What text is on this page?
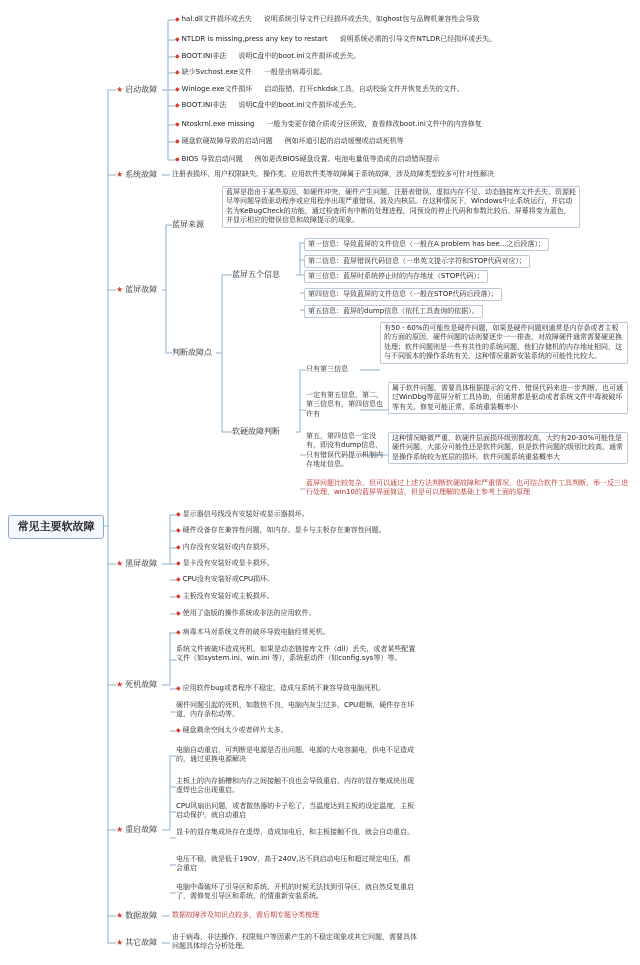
常见主要软故障
★ 启动故障
★ 系统故障
★ 蓝屏故障
★ 黑屏故障
★ 死机故障
★ 重启故障
★ 数据故障
★ 其它故障
◆ hal.dll文件损坏或丢失 说明系统引导文件已经损坏或丢失，如ghost包与品牌机兼容性会导致
◆ NTLDR is missing,press any key to restart 说明系统必需的引导文件NTLDR已经损坏或丢失。
◆ BOOT.INI非法 说明C盘中的boot.ini文件损坏或丢失。
◆ 缺少Svchost.exe文件 一般是由病毒引起。
◆ Winloge.exe文件损坏 启动报错，打开chkdsk工具，自动校验文件并恢复丢失的文件。
◆ BOOT.INI非法 说明C盘中的boot.ini文件损坏或丢失。
◆ Ntoskrnl.exe missing 一般为变更存储介质或分区所致，查看修改boot.ini文件中的内容修复
◆ 硬盘软硬故障导致的启动问题 例如坏道引起的启动缓慢或启动死机等
◆ BIOS 导致启动问题 例如更改BIOS硬盘设置、电池电量低等造成的启动错误提示
注册表损坏、用户权限缺失、操作类、应用软件类等故障属于系统故障，涉及故障类型较多可针对性解决
蓝屏来源
蓝屏是指由于某些原因，如硬件冲突、硬件产生问题、注册表错误、虚拟内存不足、动态链接库文件丢失、资源耗尽等问题导致驱动程序或应用程序出现严重错误，波及内核层。在这种情况下，Windows中止系统运行，并启动名为KeBugCheck的功能，通过检查所有中断的处理进程，同预设的停止代码和参数比较后，屏幕将变为蓝色，并显示相应的错误信息和故障提示的现象。
判断故障点
蓝屏五个信息
第一信息：导致蓝屏的文件信息（一般在A problem has bee...之后段落）；
第二信息：蓝屏错误代码信息（一串英文提示字符和STOP代码对应）；
第三信息：蓝屏时系统停止时的内存地址（STOP代码）；
第四信息：导致蓝屏的文件信息（一般在STOP代码后段落）；
第五信息：蓝屏的dump信息（依托工具查询的依据）。
软硬故障判断
只有第三信息
有50 - 60%的可能性是硬件问题，如果是硬件问题则通常是内存条或者主板的方面的原因，硬件问题的话则要逐步一一排查，对故障硬件通常需要硬更换处理；软件问题则是一些有共性的系统问题，他们存储机的内存地址相同，这与不同版本的操作系统有关，这种情况重新安装系统的可能性比较大。
一定有第五信息，第二，第三信息有，第四信息也许有
属于软件问题，需要具体根据提示的文件、错误代码来进一步判断，也可通过WinDbg等蓝屏分析工具协助，但通常都是驱动或者系统文件中毒被破坏等有关。修复可能正常，系统重装概率小
第五，第四信息一定没有，即没有dump信息，只有错误代码提示机制内存地址信息。
这种情况略微严重，软硬件层面损坏级别都较高，大约有20-30%可能性是硬件问题，大部分可能性还是软件问题，但是软件问题的级别比较高，通常是操作系统较为底层的损坏。软件问题系统重装概率大
蓝屏问题比较复杂，但可以通过上述方法判断软硬故障和严重情况，也可结合软件工具判断，举一反三进行处理，win10的蓝屏界面简洁，但是可以理解的基础上参考上面的原理
◆ 显示器信号线没有安装好或显示器损坏。
◆ 硬件设备存在兼容性问题，如内存、显卡与主板存在兼容性问题。
◆ 内存没有安装好或内存损坏。
◆ 显卡没有安装好或显卡损坏。
◆ CPU没有安装好或CPU损坏。
◆ 主板没有安装好或主板损坏。
◆ 使用了盗版的操作系统或非法的应用软件。
◆ 病毒木马对系统文件的破坏导致电脑经常死机。
系统文件被破坏造成死机，如果是动态链接库文件（dll）丢失，或者某些配置文件（如system.ini、win.ini 等），系统驱动件（如config.sys等）等。
◆ 应用软件bug或者程序不稳定，造成与系统不兼容导致电脑死机。
硬件问题引起的死机，如散热不良，电脑内灰尘过多，CPU超频，硬件存在坏道，内存条松动等。
◆ 硬盘剩余空间太少或者碎片太多。
电脑自动重启，可判断是电源是否出问题，电源的大电容漏电，供电不足造成的，通过更换电源解决
主板上的内存插槽和内存之间接触不良也会导致重启，内存的显存集成块出现虚焊也会出现重启。
CPU风扇出问题，或者散热器的卡子松了，当温度达到主板的设定温度，主板启动保护，就自动重启
显卡的显存集成块存在虚焊，造成加电后，和主板接触不良，就会自动重启。
电压不稳，就是低于190V，高于240V,达不到启动电压和超过规定电压，都会重启
电脑中毒破坏了引导区和系统，开机的时候无法找到引导区，就自然反复重启了，需修复引导区和系统，的情重新安装系统。
数据故障涉及知识点较多，需后期专题分类梳理
由于病毒、非法操作、权限账户等因素产生的不稳定现象或其它问题，需要具体问题具体综合分析处理。
